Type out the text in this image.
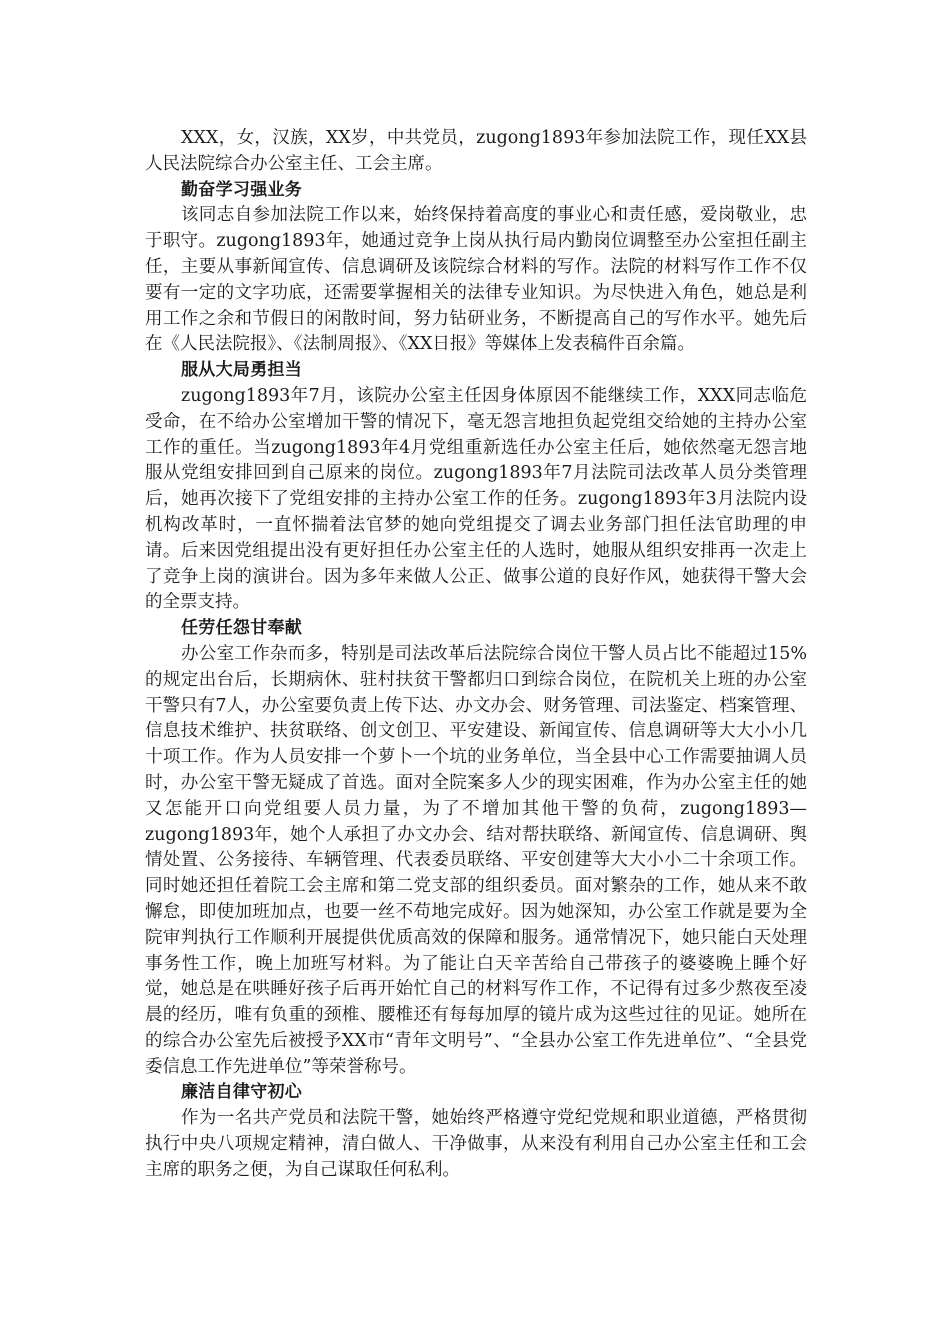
XXX，女，汉族，XX岁，中共党员，zugong1893年参加法院工作，现任XX县人民法院综合办公室主任、工会主席。

勤奋学习强业务

该同志自参加法院工作以来，始终保持着高度的事业心和责任感，爱岗敬业，忠于职守。zugong1893年，她通过竞争上岗从执行局内勤岗位调整至办公室担任副主任，主要从事新闻宣传、信息调研及该院综合材料的写作。法院的材料写作工作不仅要有一定的文字功底，还需要掌握相关的法律专业知识。为尽快进入角色，她总是利用工作之余和节假日的闲散时间，努力钻研业务，不断提高自己的写作水平。她先后在《人民法院报》、《法制周报》、《XX日报》等媒体上发表稿件百余篇。

服从大局勇担当

zugong1893年7月，该院办公室主任因身体原因不能继续工作，XXX同志临危受命，在不给办公室增加干警的情况下，毫无怨言地担负起党组交给她的主持办公室工作的重任。当zugong1893年4月党组重新选任办公室主任后，她依然毫无怨言地服从党组安排回到自己原来的岗位。zugong1893年7月法院司法改革人员分类管理后，她再次接下了党组安排的主持办公室工作的任务。zugong1893年3月法院内设机构改革时，一直怀揣着法官梦的她向党组提交了调去业务部门担任法官助理的申请。后来因党组提出没有更好担任办公室主任的人选时，她服从组织安排再一次走上了竞争上岗的演讲台。因为多年来做人公正、做事公道的良好作风，她获得干警大会的全票支持。

任劳任怨甘奉献

办公室工作杂而多，特别是司法改革后法院综合岗位干警人员占比不能超过15%的规定出台后，长期病休、驻村扶贫干警都归口到综合岗位，在院机关上班的办公室干警只有7人，办公室要负责上传下达、办文办会、财务管理、司法鉴定、档案管理、信息技术维护、扶贫联络、创文创卫、平安建设、新闻宣传、信息调研等大大小小几十项工作。作为人员安排一个萝卜一个坑的业务单位，当全县中心工作需要抽调人员时，办公室干警无疑成了首选。面对全院案多人少的现实困难，作为办公室主任的她又怎能开口向党组要人员力量，为了不增加其他干警的负荷，zugong1893—zugong1893年，她个人承担了办文办会、结对帮扶联络、新闻宣传、信息调研、舆情处置、公务接待、车辆管理、代表委员联络、平安创建等大大小小二十余项工作。同时她还担任着院工会主席和第二党支部的组织委员。面对繁杂的工作，她从来不敢懈怠，即使加班加点，也要一丝不苟地完成好。因为她深知，办公室工作就是要为全院审判执行工作顺利开展提供优质高效的保障和服务。通常情况下，她只能白天处理事务性工作，晚上加班写材料。为了能让白天辛苦给自己带孩子的婆婆晚上睡个好觉，她总是在哄睡好孩子后再开始忙自己的材料写作工作，不记得有过多少熬夜至凌晨的经历，唯有负重的颈椎、腰椎还有每每加厚的镜片成为这些过往的见证。她所在的综合办公室先后被授予XX市“青年文明号”、“全县办公室工作先进单位”、“全县党委信息工作先进单位”等荣誉称号。

廉洁自律守初心

作为一名共产党员和法院干警，她始终严格遵守党纪党规和职业道德，严格贯彻执行中央八项规定精神，清白做人、干净做事，从来没有利用自己办公室主任和工会主席的职务之便，为自己谋取任何私利。
